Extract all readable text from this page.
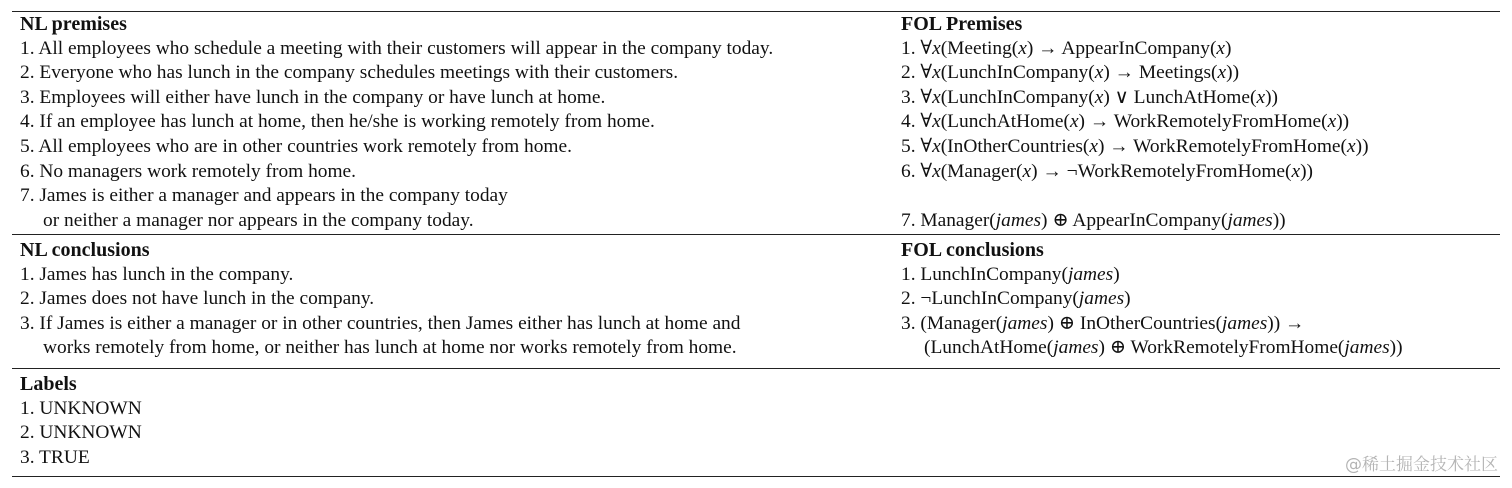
NL premises
1. All employees who schedule a meeting with their customers will appear in the company today.
2. Everyone who has lunch in the company schedules meetings with their customers.
3. Employees will either have lunch in the company or have lunch at home.
4. If an employee has lunch at home, then he/she is working remotely from home.
5. All employees who are in other countries work remotely from home.
6. No managers work remotely from home.
7. James is either a manager and appears in the company today
or neither a manager nor appears in the company today.
FOL Premises
1. ∀x(Meeting(x) → AppearInCompany(x)
2. ∀x(LunchInCompany(x) → Meetings(x))
3. ∀x(LunchInCompany(x) ∨ LunchAtHome(x))
4. ∀x(LunchAtHome(x) → WorkRemotelyFromHome(x))
5. ∀x(InOtherCountries(x) → WorkRemotelyFromHome(x))
6. ∀x(Manager(x) → ¬WorkRemotelyFromHome(x))
7. Manager(james) ⊕ AppearInCompany(james))
NL conclusions
1. James has lunch in the company.
2. James does not have lunch in the company.
3. If James is either a manager or in other countries, then James either has lunch at home and
works remotely from home, or neither has lunch at home nor works remotely from home.
FOL conclusions
1. LunchInCompany(james)
2. ¬LunchInCompany(james)
3. (Manager(james) ⊕ InOtherCountries(james)) →
(LunchAtHome(james) ⊕ WorkRemotelyFromHome(james))
Labels
1. UNKNOWN
2. UNKNOWN
3. TRUE	@稀土掘金技术社区
